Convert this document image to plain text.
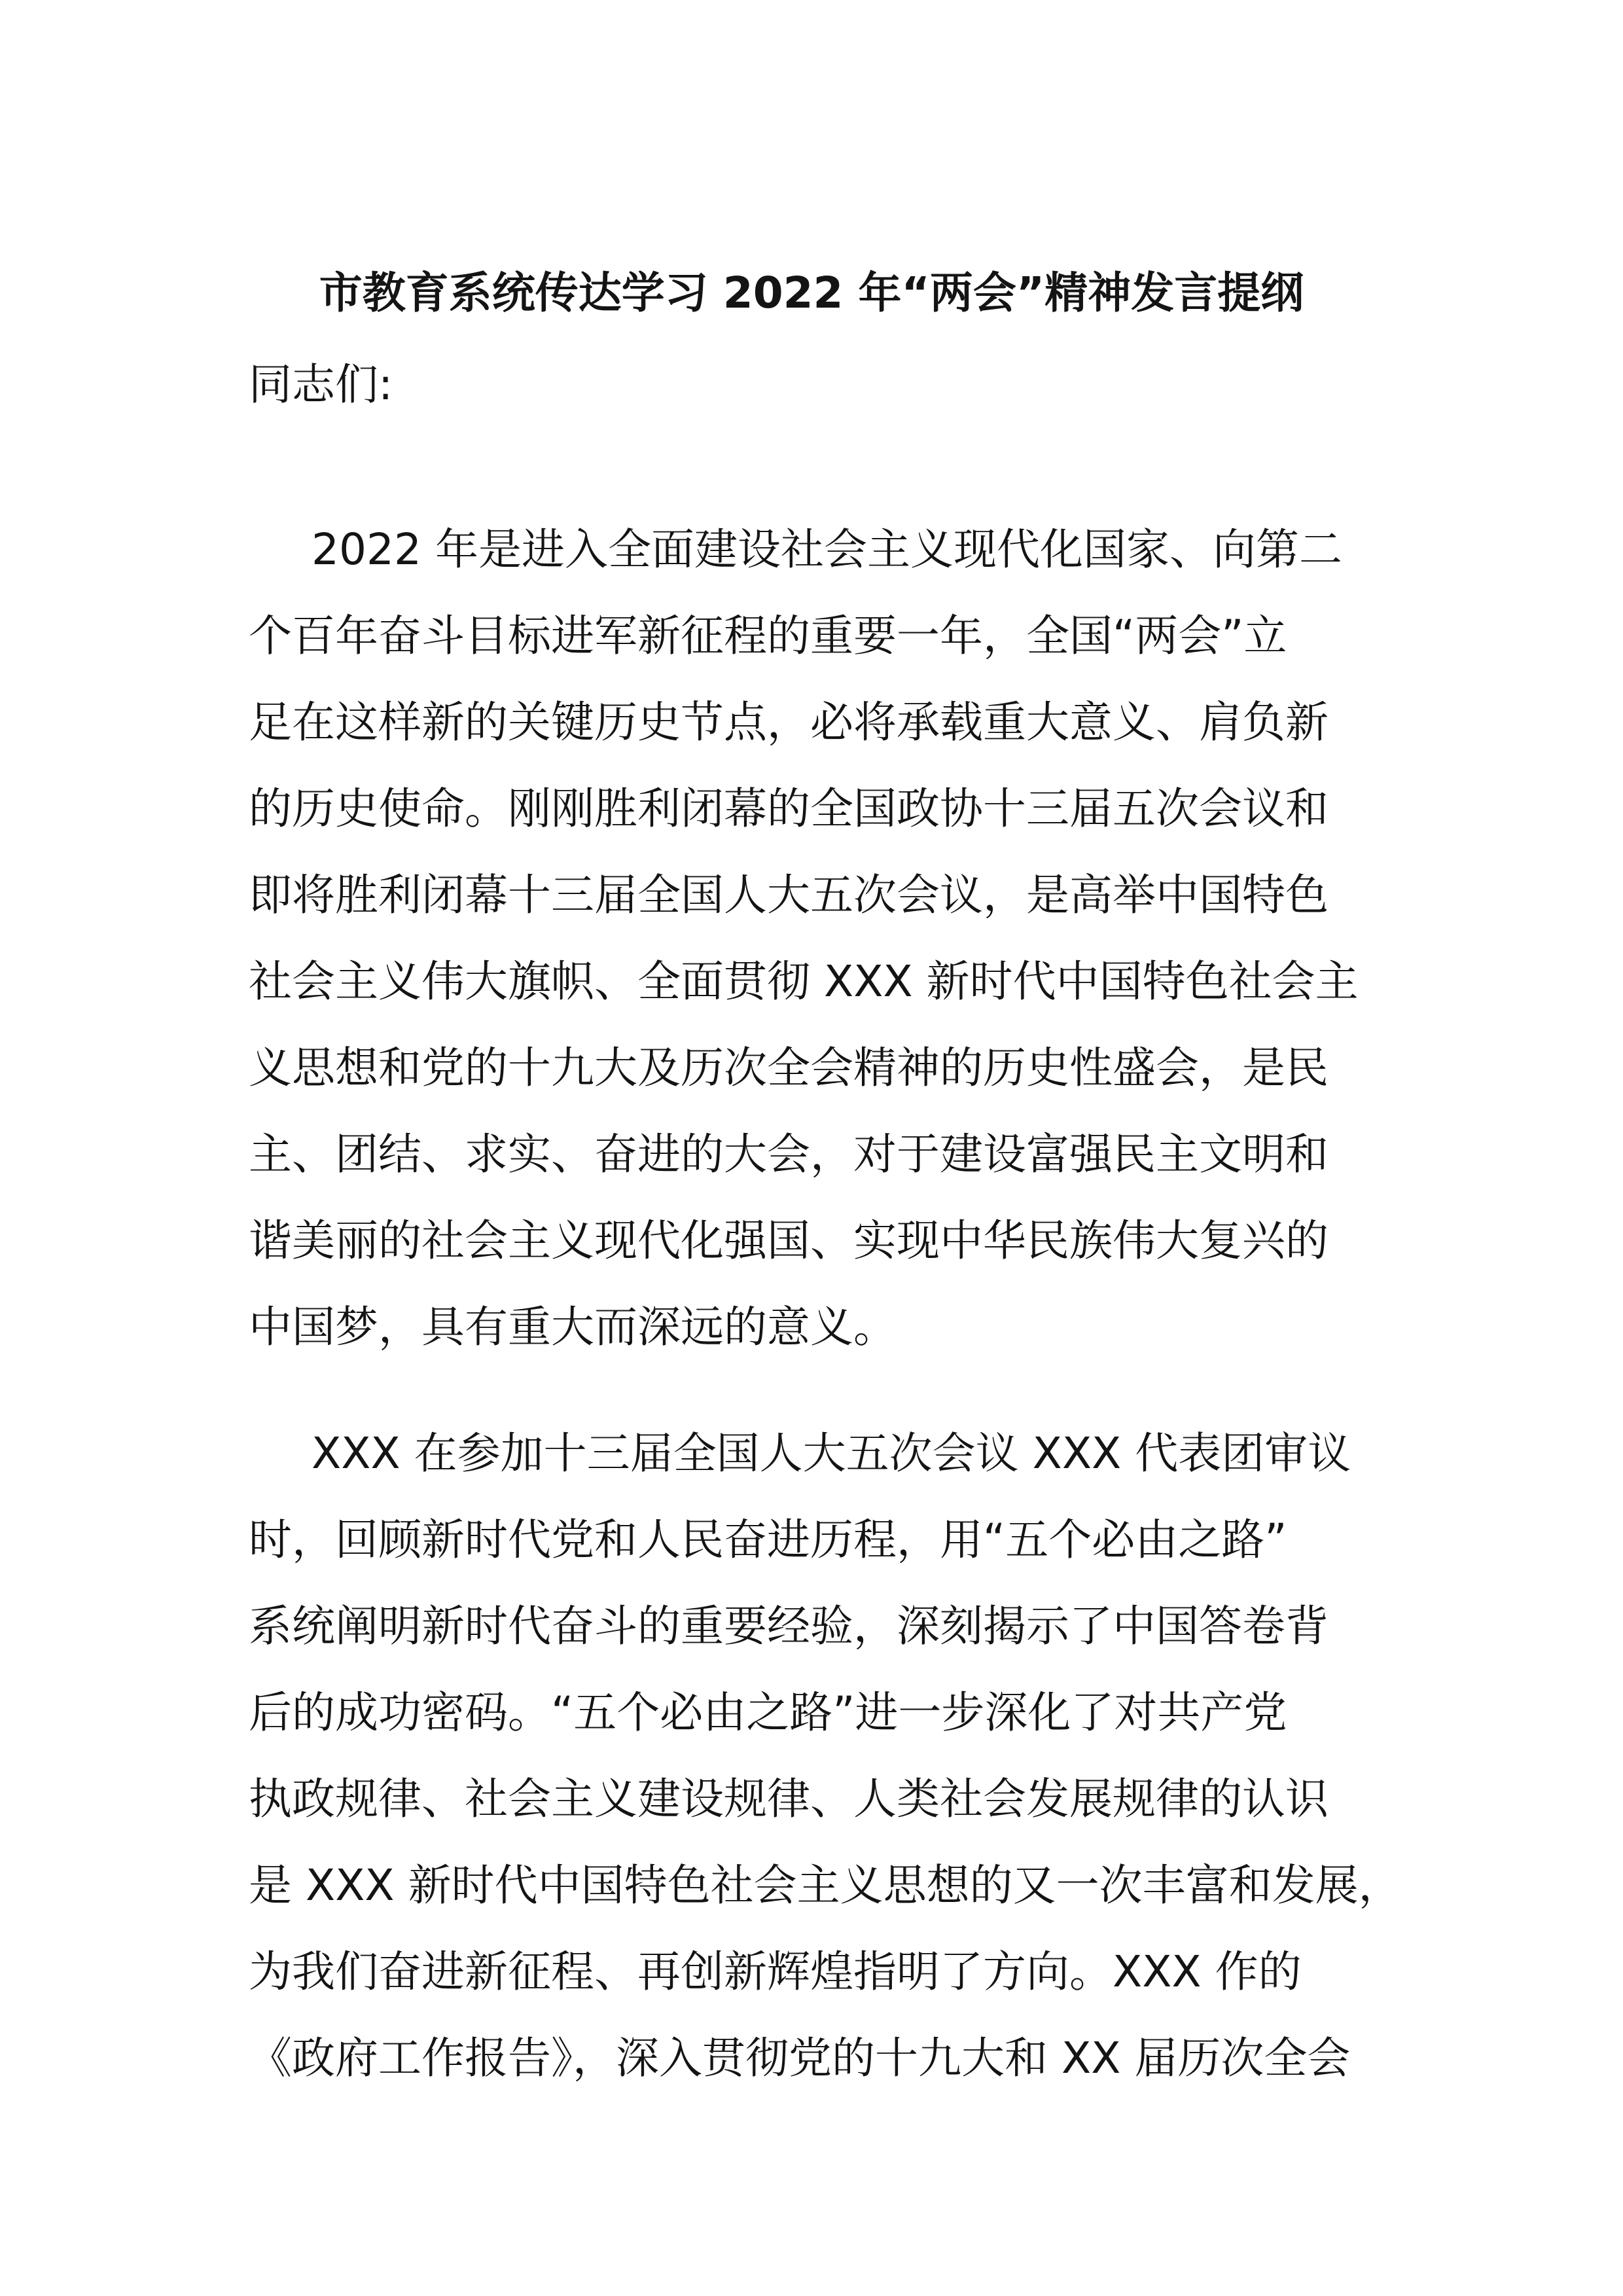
市教育系统传达学习 2022 年“两会”精神发言提纲
同志们:
2022 年是进入全面建设社会主义现代化国家、向第二
个百年奋斗目标进军新征程的重要一年，全国“两会”立
足在这样新的关键历史节点，必将承载重大意义、肩负新
的历史使命。刚刚胜利闭幕的全国政协十三届五次会议和
即将胜利闭幕十三届全国人大五次会议，是高举中国特色
社会主义伟大旗帜、全面贯彻 XXX 新时代中国特色社会主
义思想和党的十九大及历次全会精神的历史性盛会，是民
主、团结、求实、奋进的大会，对于建设富强民主文明和
谐美丽的社会主义现代化强国、实现中华民族伟大复兴的
中国梦，具有重大而深远的意义。
XXX 在参加十三届全国人大五次会议 XXX 代表团审议
时，回顾新时代党和人民奋进历程，用“五个必由之路”
系统阐明新时代奋斗的重要经验，深刻揭示了中国答卷背
后的成功密码。“五个必由之路”进一步深化了对共产党
执政规律、社会主义建设规律、人类社会发展规律的认识
是 XXX 新时代中国特色社会主义思想的又一次丰富和发展，
为我们奋进新征程、再创新辉煌指明了方向。XXX 作的
《政府工作报告》，深入贯彻党的十九大和 XX 届历次全会
